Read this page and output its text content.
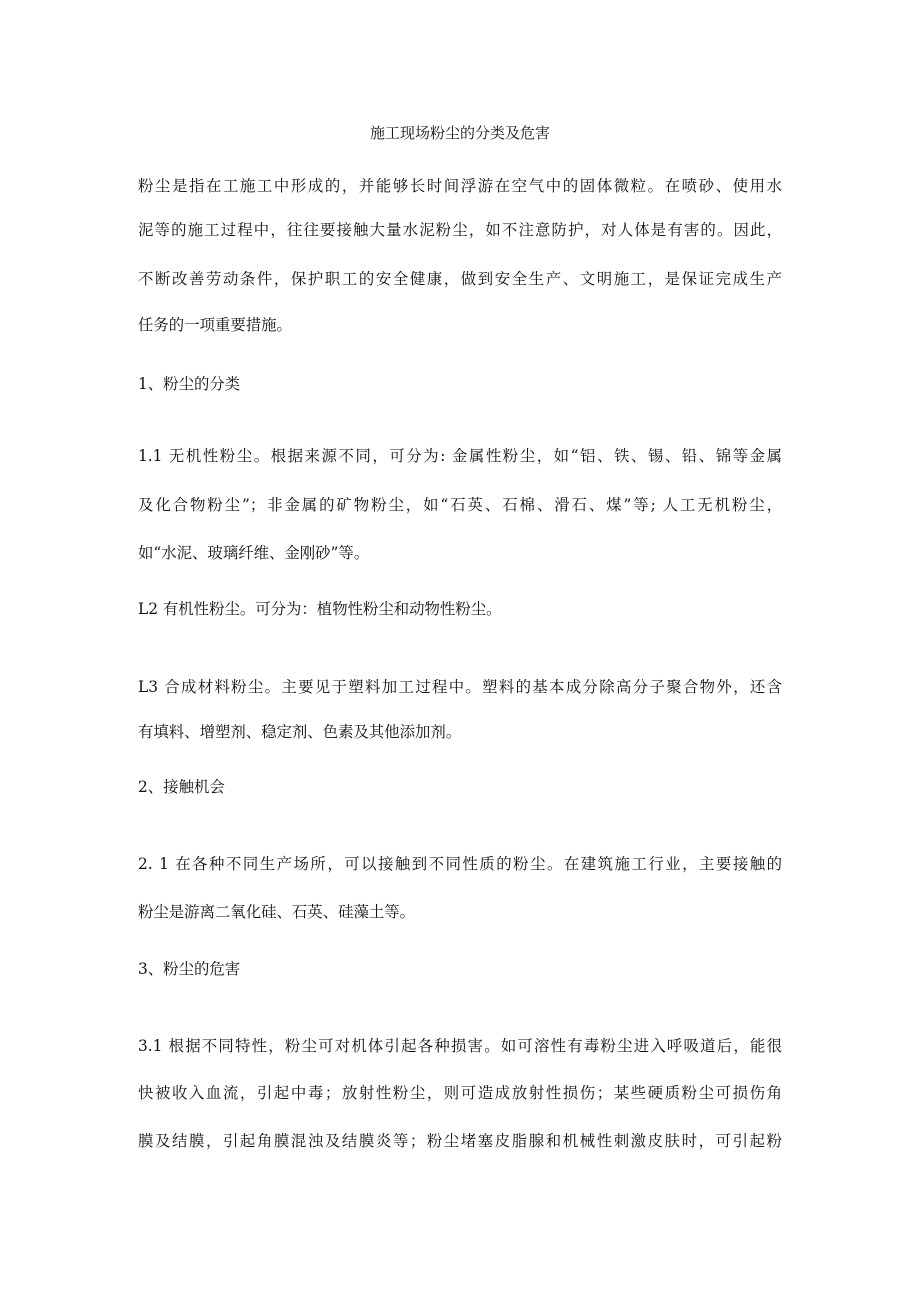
施工现场粉尘的分类及危害
粉尘是指在工施工中形成的，并能够长时间浮游在空气中的固体微粒。在喷砂、使用水
泥等的施工过程中，往往要接触大量水泥粉尘，如不注意防护，对人体是有害的。因此，
不断改善劳动条件，保护职工的安全健康，做到安全生产、文明施工，是保证完成生产
任务的一项重要措施。
1、粉尘的分类
1.1 无机性粉尘。根据来源不同，可分为: 金属性粉尘，如“铝、铁、锡、铅、锦等金属
及化合物粉尘”；非金属的矿物粉尘，如“石英、石棉、滑石、煤”等; 人工无机粉尘，
如“水泥、玻璃纤维、金刚砂”等。
L2 有机性粉尘。可分为：植物性粉尘和动物性粉尘。
L3 合成材料粉尘。主要见于塑料加工过程中。塑料的基本成分除高分子聚合物外，还含
有填料、增塑剂、稳定剂、色素及其他添加剂。
2、接触机会
2. 1 在各种不同生产场所，可以接触到不同性质的粉尘。在建筑施工行业，主要接触的
粉尘是游离二氧化硅、石英、硅藻土等。
3、粉尘的危害
3.1 根据不同特性，粉尘可对机体引起各种损害。如可溶性有毒粉尘进入呼吸道后，能很
快被收入血流，引起中毒；放射性粉尘，则可造成放射性损伤；某些硬质粉尘可损伤角
膜及结膜，引起角膜混浊及结膜炎等；粉尘堵塞皮脂腺和机械性刺激皮肤时，可引起粉
